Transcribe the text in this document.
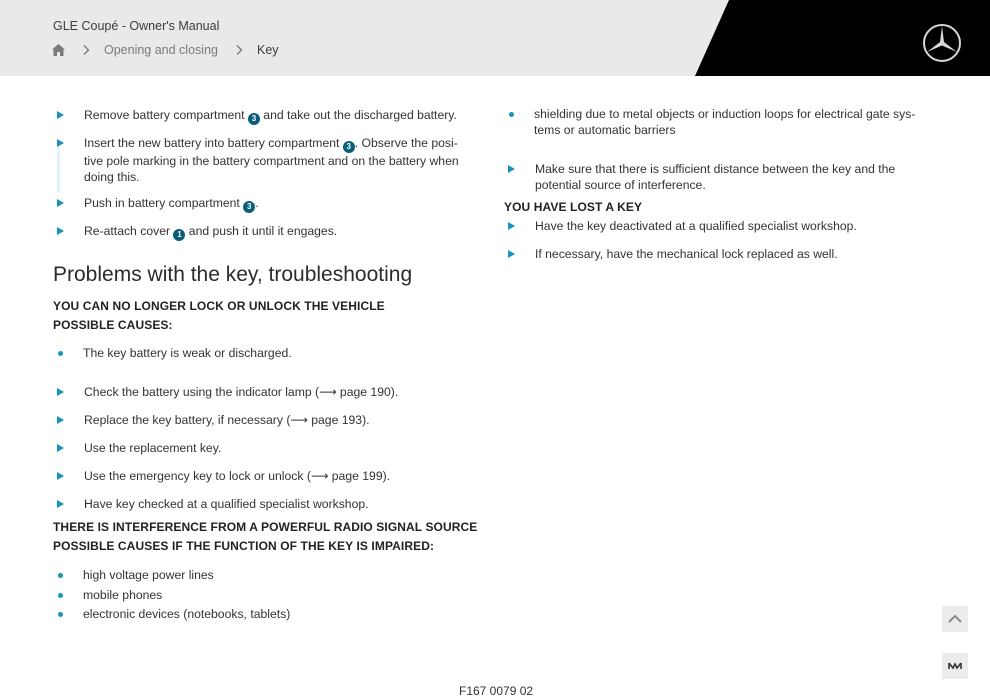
GLE Coupé - Owner's Manual
Opening and closing	Key
Remove battery compartment 3 and take out the discharged battery.
Insert the new battery into battery compartment 3 . Observe the posi-
tive pole marking in the battery compartment and on the battery when
doing this.
Push in battery compartment 3 .
Re-attach cover 1 and push it until it engages.
Problems with the key, troubleshooting
YOU CAN NO LONGER LOCK OR UNLOCK THE VEHICLE
POSSIBLE CAUSES:
The key battery is weak or discharged.
Check the battery using the indicator lamp (⟶ page 190).
Replace the key battery, if necessary (⟶ page 193).
Use the replacement key.
Use the emergency key to lock or unlock (⟶ page 199).
Have key checked at a qualified specialist workshop.
THERE IS INTERFERENCE FROM A POWERFUL RADIO SIGNAL SOURCE
POSSIBLE CAUSES IF THE FUNCTION OF THE KEY IS IMPAIRED:
high voltage power lines
mobile phones
electronic devices (notebooks, tablets)
shielding due to metal objects or induction loops for electrical gate sys-
tems or automatic barriers
Make sure that there is sufficient distance between the key and the
potential source of interference.
YOU HAVE LOST A KEY
Have the key deactivated at a qualified specialist workshop.
If necessary, have the mechanical lock replaced as well.
F167 0079 02
